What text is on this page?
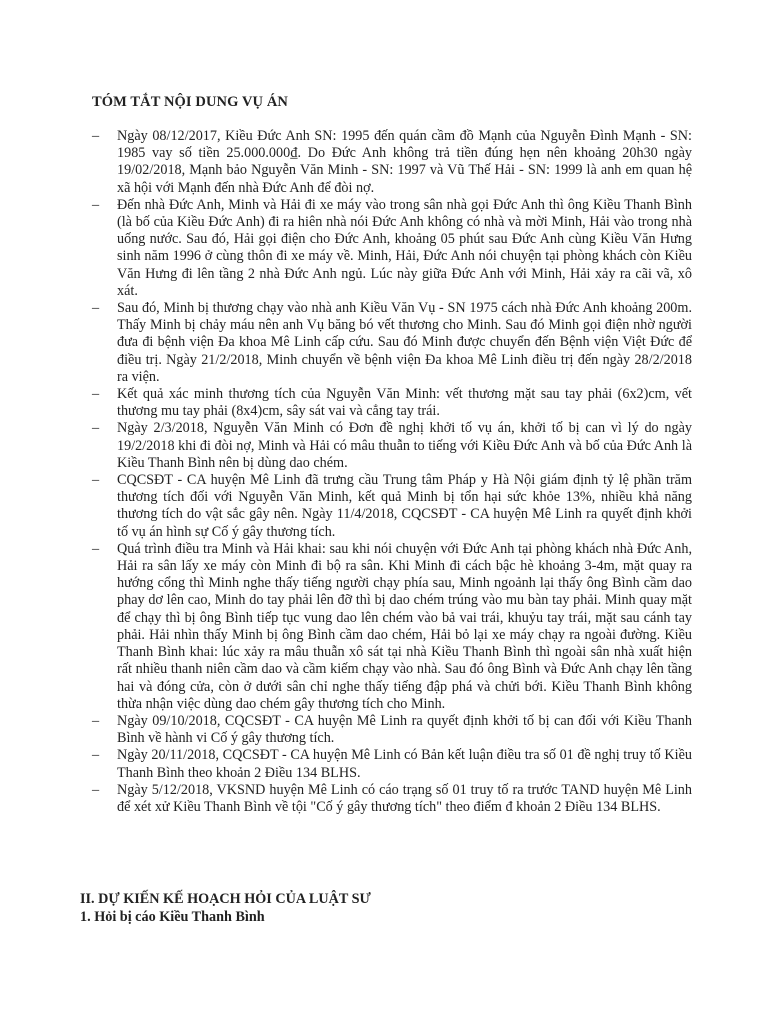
TÓM TẮT NỘI DUNG VỤ ÁN
–	Ngày 08/12/2017, Kiều Đức Anh SN: 1995 đến quán cầm đồ Mạnh của Nguyễn Đình Mạnh - SN: 1985 vay số tiền 25.000.000₫. Do Đức Anh không trả tiền đúng hẹn nên khoảng 20h30 ngày 19/02/2018, Mạnh bảo Nguyễn Văn Minh - SN: 1997 và Vũ Thế Hải - SN: 1999 là anh em quan hệ xã hội với Mạnh đến nhà Đức Anh để đòi nợ.
–	Đến nhà Đức Anh, Minh và Hải đi xe máy vào trong sân nhà gọi Đức Anh thì ông Kiều Thanh Bình (là bố của Kiều Đức Anh) đi ra hiên nhà nói Đức Anh không có nhà và mời Minh, Hải vào trong nhà uống nước. Sau đó, Hải gọi điện cho Đức Anh, khoảng 05 phút sau Đức Anh cùng Kiều Văn Hưng sinh năm 1996 ở cùng thôn đi xe máy về. Minh, Hải, Đức Anh nói chuyện tại phòng khách còn Kiều Văn Hưng đi lên tầng 2 nhà Đức Anh ngủ. Lúc này giữa Đức Anh với Minh, Hải xảy ra cãi vã, xô xát.
–	Sau đó, Minh bị thương chạy vào nhà anh Kiều Văn Vụ - SN 1975 cách nhà Đức Anh khoảng 200m. Thấy Minh bị chảy máu nên anh Vụ băng bó vết thương cho Minh. Sau đó Minh gọi điện nhờ người đưa đi bệnh viện Đa khoa Mê Linh cấp cứu. Sau đó Minh được chuyển đến Bệnh viện Việt Đức để điều trị. Ngày 21/2/2018, Minh chuyển về bệnh viện Đa khoa Mê Linh điều trị đến ngày 28/2/2018 ra viện.
–	Kết quả xác minh thương tích của Nguyễn Văn Minh: vết thương mặt sau tay phải (6x2)cm, vết thương mu tay phải (8x4)cm, sây sát vai và cẳng tay trái.
–	Ngày 2/3/2018, Nguyễn Văn Minh có Đơn đề nghị khởi tố vụ án, khởi tố bị can vì lý do ngày 19/2/2018 khi đi đòi nợ, Minh và Hải có mâu thuẫn to tiếng với Kiều Đức Anh và bố của Đức Anh là Kiều Thanh Bình nên bị dùng dao chém.
–	CQCSĐT - CA huyện Mê Linh đã trưng cầu Trung tâm Pháp y Hà Nội giám định tỷ lệ phần trăm thương tích đối với Nguyễn Văn Minh, kết quả Minh bị tổn hại sức khỏe 13%, nhiều khả năng thương tích do vật sắc gây nên. Ngày 11/4/2018, CQCSĐT - CA huyện Mê Linh ra quyết định khởi tố vụ án hình sự Cố ý gây thương tích.
–	Quá trình điều tra Minh và Hải khai: sau khi nói chuyện với Đức Anh tại phòng khách nhà Đức Anh, Hải ra sân lấy xe máy còn Minh đi bộ ra sân. Khi Minh đi cách bậc hè khoảng 3-4m, mặt quay ra hướng cổng thì Minh nghe thấy tiếng người chạy phía sau, Minh ngoảnh lại thấy ông Bình cầm dao phay dơ lên cao, Minh do tay phải lên đỡ thì bị dao chém trúng vào mu bàn tay phải. Minh quay mặt để chạy thì bị ông Bình tiếp tục vung dao lên chém vào bả vai trái, khuỷu tay trái, mặt sau cánh tay phải. Hải nhìn thấy Minh bị ông Bình cầm dao chém, Hải bỏ lại xe máy chạy ra ngoài đường. Kiều Thanh Bình khai: lúc xảy ra mâu thuẫn xô sát tại nhà Kiều Thanh Bình thì ngoài sân nhà xuất hiện rất nhiều thanh niên cầm dao và cầm kiếm chạy vào nhà. Sau đó ông Bình và Đức Anh chạy lên tầng hai và đóng cửa, còn ở dưới sân chỉ nghe thấy tiếng đập phá và chửi bới. Kiều Thanh Bình không thừa nhận việc dùng dao chém gây thương tích cho Minh.
–	Ngày 09/10/2018, CQCSĐT - CA huyện Mê Linh ra quyết định khởi tố bị can đối với Kiều Thanh Bình về hành vi Cố ý gây thương tích.
–	Ngày 20/11/2018, CQCSĐT - CA huyện Mê Linh có Bản kết luận điều tra số 01 đề nghị truy tố Kiều Thanh Bình theo khoản 2 Điều 134 BLHS.
–	Ngày 5/12/2018, VKSND huyện Mê Linh có cáo trạng số 01 truy tố ra trước TAND huyện Mê Linh để xét xử Kiều Thanh Bình về tội "Cố ý gây thương tích" theo điểm đ khoản 2 Điều 134 BLHS.
II. DỰ KIẾN KẾ HOẠCH HỎI CỦA LUẬT SƯ
1. Hỏi bị cáo Kiều Thanh Bình
